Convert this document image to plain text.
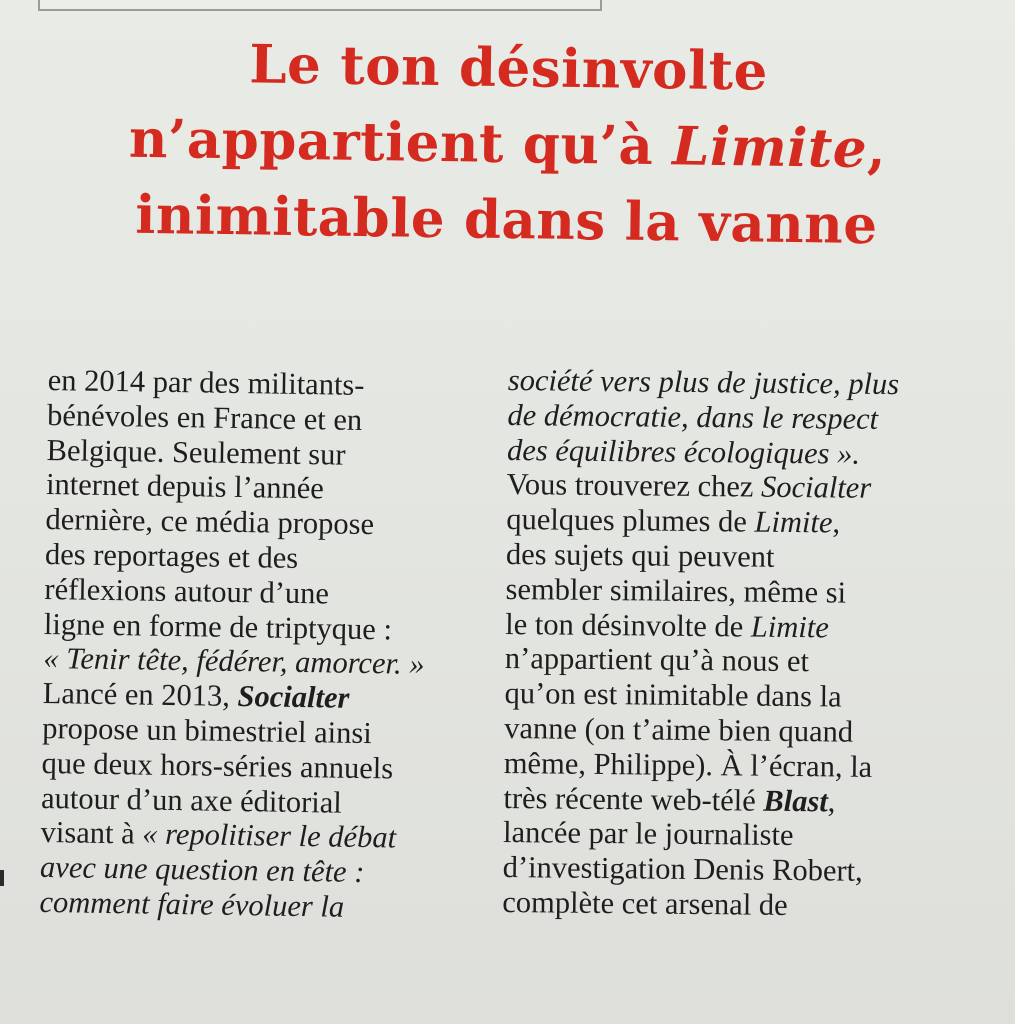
Le ton désinvolte
n’appartient qu’à Limite,
inimitable dans la vanne
en 2014 par des militants-
bénévoles en France et en
Belgique. Seulement sur
internet depuis l’année
dernière, ce média propose
des reportages et des
réflexions autour d’une
ligne en forme de triptyque :
« Tenir tête, fédérer, amorcer. »
Lancé en 2013, Socialter
propose un bimestriel ainsi
que deux hors-séries annuels
autour d’un axe éditorial
visant à « repolitiser le débat
avec une question en tête :
comment faire évoluer la
société vers plus de justice, plus
de démocratie, dans le respect
des équilibres écologiques ».
Vous trouverez chez Socialter
quelques plumes de Limite,
des sujets qui peuvent
sembler similaires, même si
le ton désinvolte de Limite
n’appartient qu’à nous et
qu’on est inimitable dans la
vanne (on t’aime bien quand
même, Philippe). À l’écran, la
très récente web-télé Blast,
lancée par le journaliste
d’investigation Denis Robert,
complète cet arsenal de
